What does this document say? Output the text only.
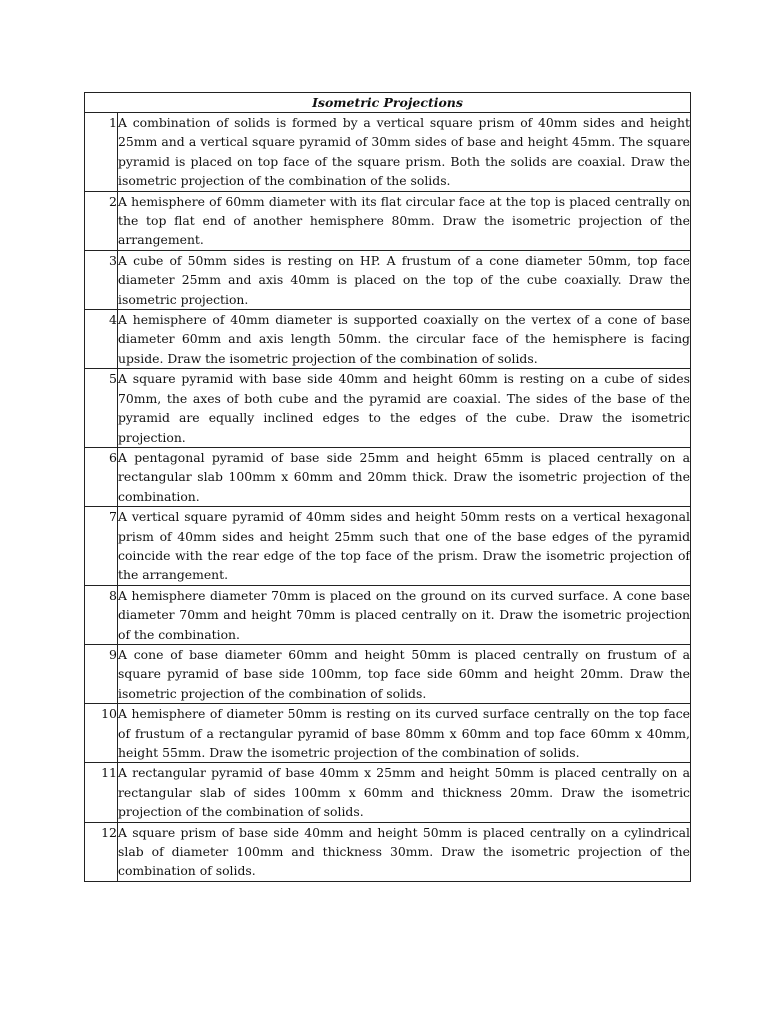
Isometric Projections	
1	A combination of solids is formed by a vertical square prism of 40mm sides and height 25mm and a vertical square pyramid of 30mm sides of base and height 45mm. The square pyramid is placed on top face of the square prism. Both the solids are coaxial. Draw the isometric projection of the combination of the solids.
2	A hemisphere of 60mm diameter with its flat circular face at the top is placed centrally on the top flat end of another hemisphere 80mm. Draw the isometric projection of the arrangement.
3	A cube of 50mm sides is resting on HP. A frustum of a cone diameter 50mm, top face diameter 25mm and axis 40mm is placed on the top of the cube coaxially. Draw the isometric projection.
4	A hemisphere of 40mm diameter is supported coaxially on the vertex of a cone of base diameter 60mm and axis length 50mm. the circular face of the hemisphere is facing upside. Draw the isometric projection of the combination of solids.
5	A square pyramid with base side 40mm and height 60mm is resting on a cube of sides 70mm, the axes of both cube and the pyramid are coaxial. The sides of the base of the pyramid are equally inclined edges to the edges of the cube. Draw the isometric projection.
6	A pentagonal pyramid of base side 25mm and height 65mm is placed centrally on a rectangular slab 100mm x 60mm and 20mm thick. Draw the isometric projection of the combination.
7	A vertical square pyramid of 40mm sides and height 50mm rests on a vertical hexagonal prism of 40mm sides and height 25mm such that one of the base edges of the pyramid coincide with the rear edge of the top face of the prism. Draw the isometric projection of the arrangement.
8	A hemisphere diameter 70mm is placed on the ground on its curved surface. A cone base diameter 70mm and height 70mm is placed centrally on it. Draw the isometric projection of the combination.
9	A cone of base diameter 60mm and height 50mm is placed centrally on frustum of a square pyramid of base side 100mm, top face side 60mm and height 20mm. Draw the isometric projection of the combination of solids.
10	A hemisphere of diameter 50mm is resting on its curved surface centrally on the top face of frustum of a rectangular pyramid of base 80mm x 60mm and top face 60mm x 40mm, height 55mm. Draw the isometric projection of the combination of solids.
11	A rectangular pyramid of base 40mm x 25mm and height 50mm is placed centrally on a rectangular slab of sides 100mm x 60mm and thickness 20mm. Draw the isometric projection of the combination of solids.
12	A square prism of base side 40mm and height 50mm is placed centrally on a cylindrical slab of diameter 100mm and thickness 30mm. Draw the isometric projection of the combination of solids.
